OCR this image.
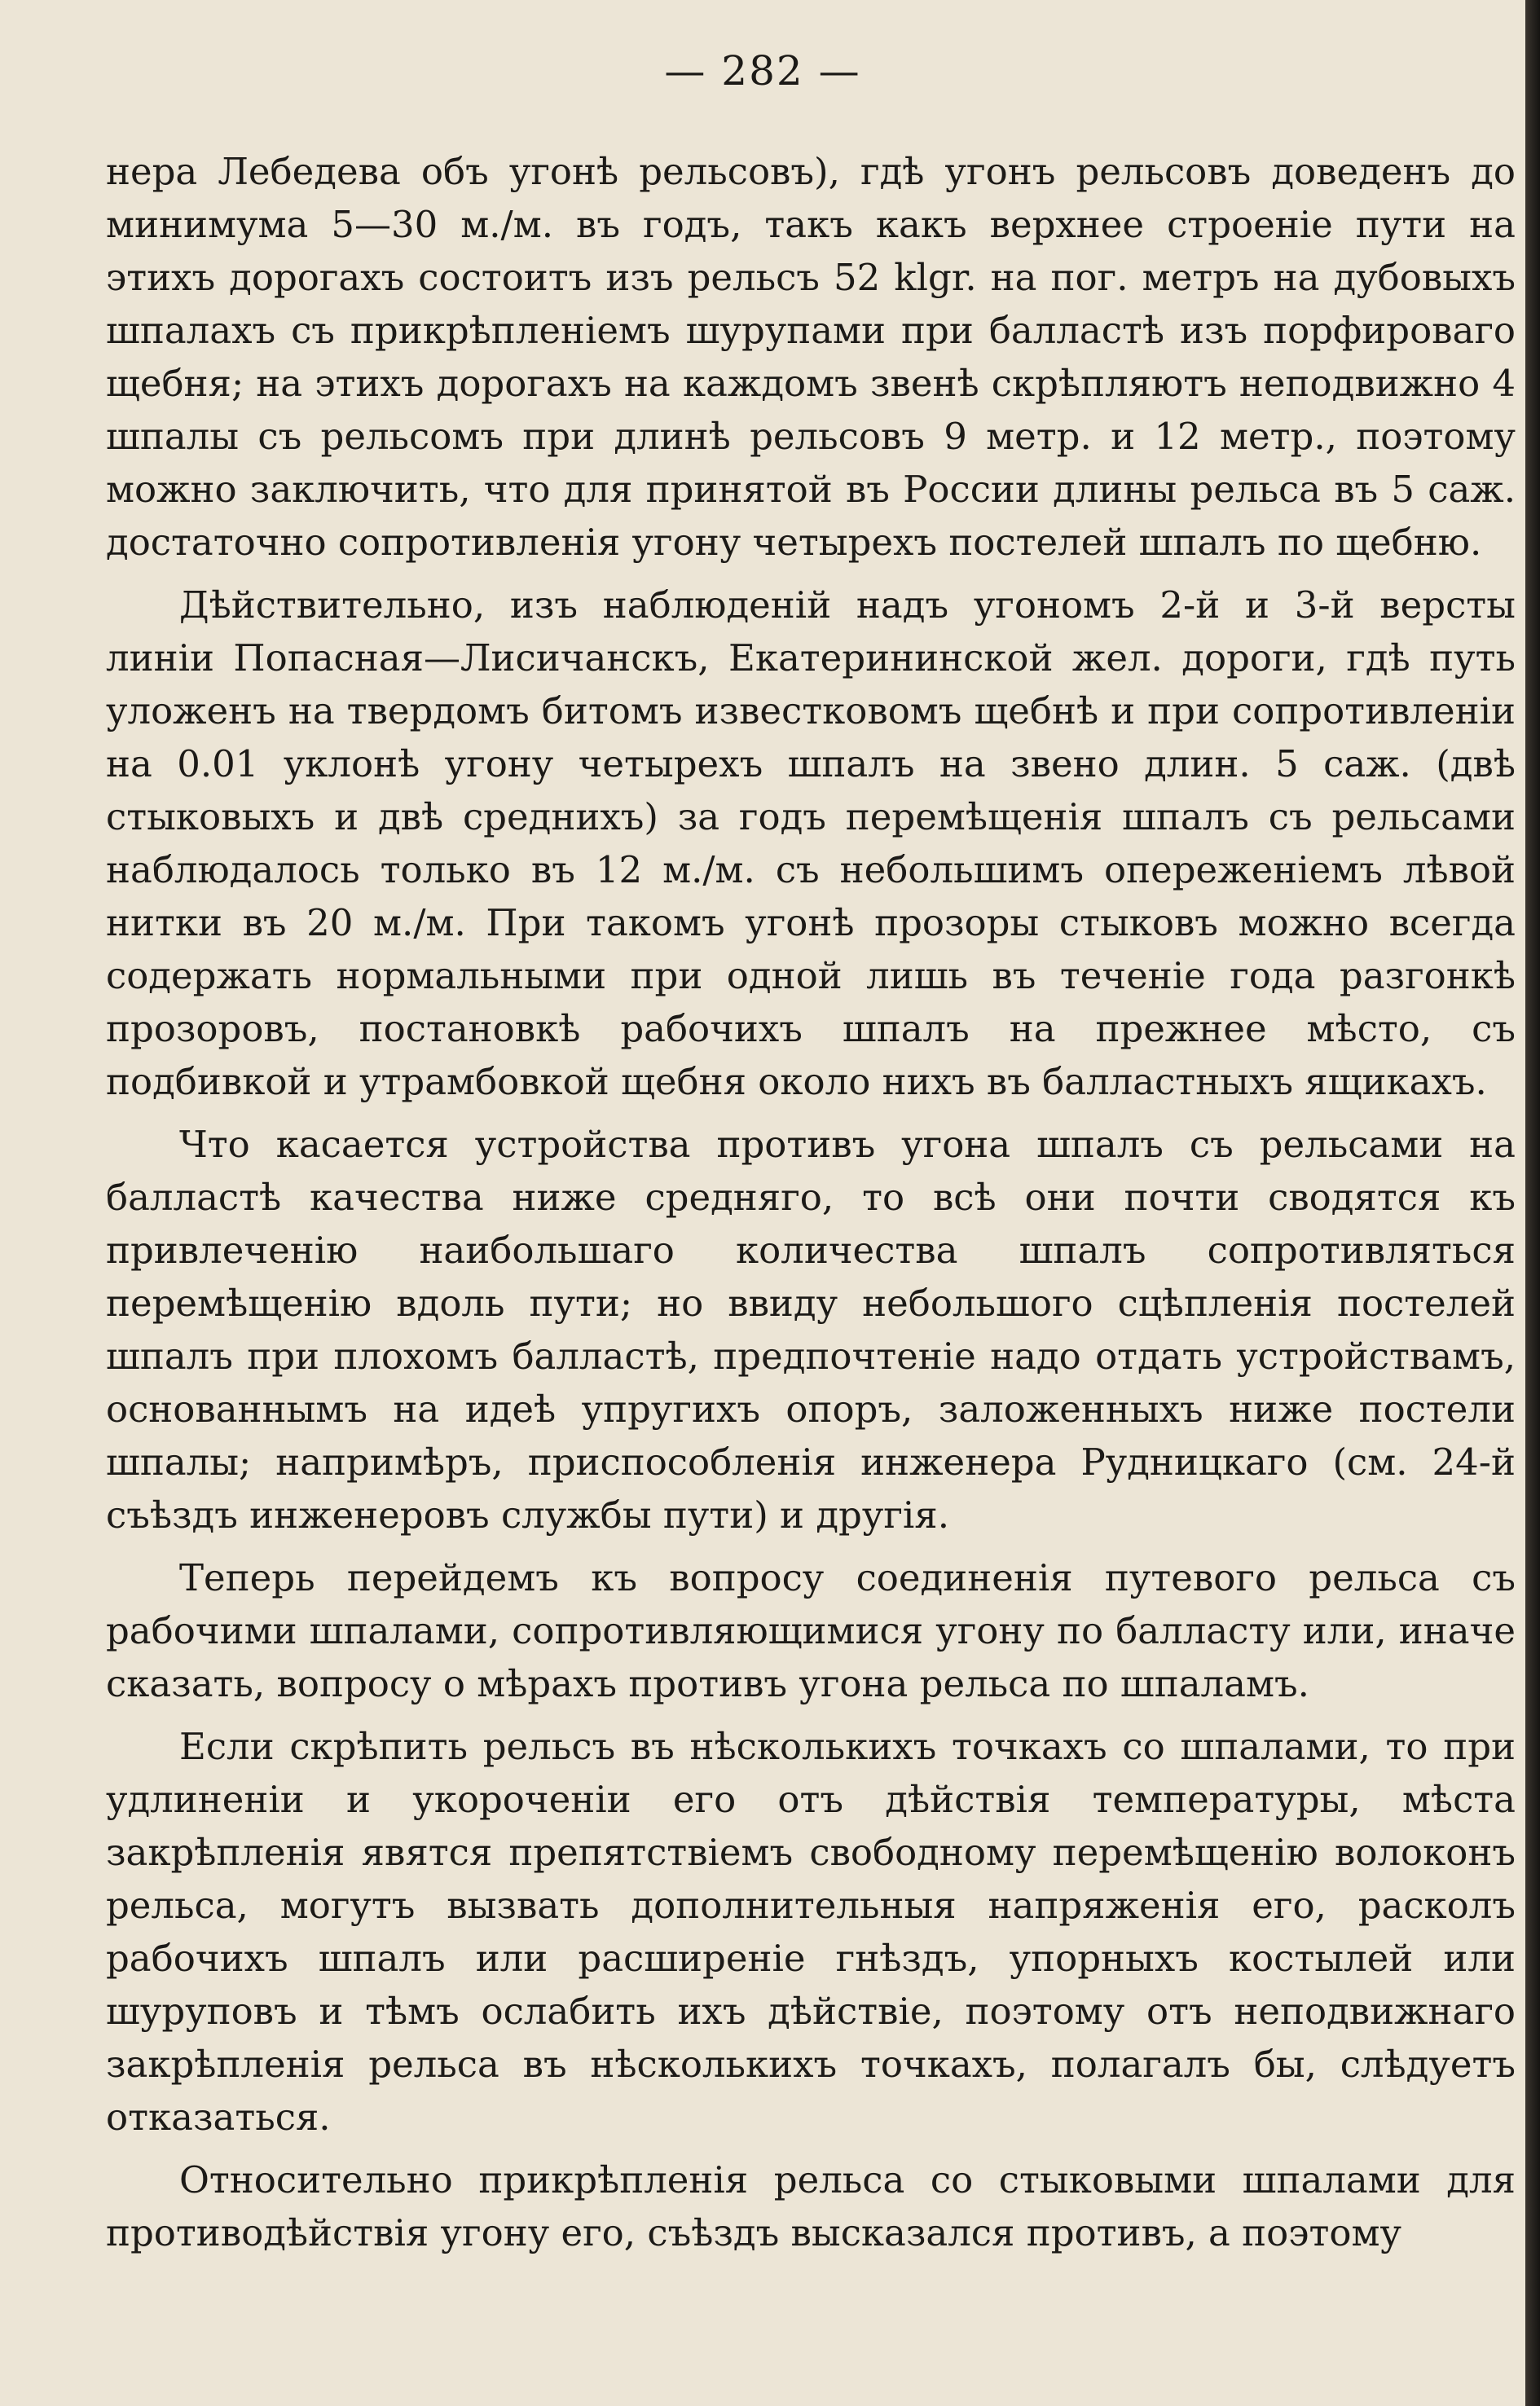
— 282 —

нера Лебедева объ угонѣ рельсовъ), гдѣ угонъ рельсовъ доведенъ до минимума 5—30 м./м. въ годъ, такъ какъ верхнее строеніе пути на этихъ дорогахъ состоитъ изъ рельсъ 52 klgr. на пог. метръ на дубовыхъ шпалахъ съ прикрѣпленіемъ шурупами при балластѣ изъ порфироваго щебня; на этихъ дорогахъ на каждомъ звенѣ скрѣпляютъ неподвижно 4 шпалы съ рельсомъ при длинѣ рельсовъ 9 метр. и 12 метр., поэтому можно заключить, что для принятой въ России длины рельса въ 5 саж. достаточно сопротивленія угону четырехъ постелей шпалъ по щебню.

Дѣйствительно, изъ наблюденій надъ угономъ 2-й и 3-й версты линіи Попасная—Лисичанскъ, Екатерининской жел. дороги, гдѣ путь уложенъ на твердомъ битомъ известковомъ щебнѣ и при сопротивленіи на 0.01 уклонѣ угону четырехъ шпалъ на звено длин. 5 саж. (двѣ стыковыхъ и двѣ среднихъ) за годъ перемѣщенія шпалъ съ рельсами наблюдалось только въ 12 м./м. съ небольшимъ опереженіемъ лѣвой нитки въ 20 м./м. При такомъ угонѣ прозоры стыковъ можно всегда содержать нормальными при одной лишь въ теченіе года разгонкѣ прозоровъ, постановкѣ рабочихъ шпалъ на прежнее мѣсто, съ подбивкой и утрамбовкой щебня около нихъ въ балластныхъ ящикахъ.

Что касается устройства противъ угона шпалъ съ рельсами на балластѣ качества ниже средняго, то всѣ они почти сводятся къ привлеченію наибольшаго количества шпалъ сопротивляться перемѣщенію вдоль пути; но ввиду небольшого сцѣпленія постелей шпалъ при плохомъ балластѣ, предпочтеніе надо отдать устройствамъ, основаннымъ на идеѣ упругихъ опоръ, заложенныхъ ниже постели шпалы; напримѣръ, приспособленія инженера Рудницкаго (см. 24-й съѣздъ инженеровъ службы пути) и другія.

Теперь перейдемъ къ вопросу соединенія путевого рельса съ рабочими шпалами, сопротивляющимися угону по балласту или, иначе сказать, вопросу о мѣрахъ противъ угона рельса по шпаламъ.

Если скрѣпить рельсъ въ нѣсколькихъ точкахъ со шпалами, то при удлиненіи и укороченіи его отъ дѣйствія температуры, мѣста закрѣпленія явятся препятствіемъ свободному перемѣщенію волоконъ рельса, могутъ вызвать дополнительныя напряженія его, расколъ рабочихъ шпалъ или расширеніе гнѣздъ, упорныхъ костылей или шуруповъ и тѣмъ ослабить ихъ дѣйствіе, поэтому отъ неподвижнаго закрѣпленія рельса въ нѣсколькихъ точкахъ, полагалъ бы, слѣдуетъ отказаться.

Относительно прикрѣпленія рельса со стыковыми шпалами для противодѣйствія угону его, съѣздъ высказался противъ, а поэтому
